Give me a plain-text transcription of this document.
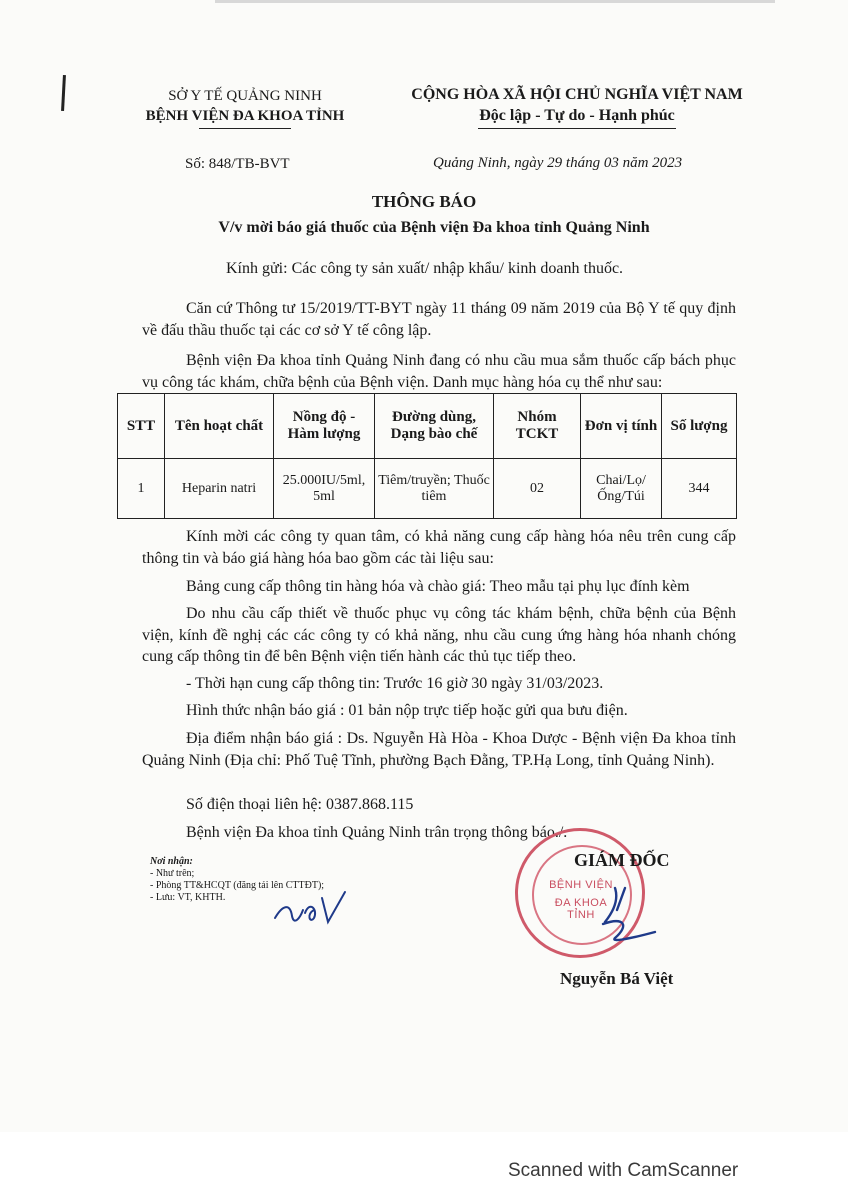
SỞ Y TẾ QUẢNG NINH
BỆNH VIỆN ĐA KHOA TỈNH
CỘNG HÒA XÃ HỘI CHỦ NGHĨA VIỆT NAM
Độc lập - Tự do - Hạnh phúc
Số: 848/TB-BVT	Quảng Ninh, ngày 29 tháng 03 năm 2023
THÔNG BÁO
V/v mời báo giá thuốc của Bệnh viện Đa khoa tỉnh Quảng Ninh
Kính gửi: Các công ty sản xuất/ nhập khẩu/ kinh doanh thuốc.
Căn cứ Thông tư 15/2019/TT-BYT ngày 11 tháng 09 năm 2019 của Bộ Y tế quy định về đấu thầu thuốc tại các cơ sở Y tế công lập.
Bệnh viện Đa khoa tỉnh Quảng Ninh đang có nhu cầu mua sắm thuốc cấp bách phục vụ công tác khám, chữa bệnh của Bệnh viện. Danh mục hàng hóa cụ thể như sau:
STT	Tên hoạt chất	Nồng độ - Hàm lượng	Đường dùng, Dạng bào chế	Nhóm TCKT	Đơn vị tính	Số lượng
1	Heparin natri	25.000IU/5ml, 5ml	Tiêm/truyền; Thuốc tiêm	02	Chai/Lọ/ Ống/Túi	344
Kính mời các công ty quan tâm, có khả năng cung cấp hàng hóa nêu trên cung cấp thông tin và báo giá hàng hóa bao gồm các tài liệu sau:
Bảng cung cấp thông tin hàng hóa và chào giá: Theo mẫu tại phụ lục đính kèm
Do nhu cầu cấp thiết về thuốc phục vụ công tác khám bệnh, chữa bệnh của Bệnh viện, kính đề nghị các các công ty có khả năng, nhu cầu cung ứng hàng hóa nhanh chóng cung cấp thông tin để bên Bệnh viện tiến hành các thủ tục tiếp theo.
- Thời hạn cung cấp thông tin: Trước 16 giờ 30 ngày 31/03/2023.
Hình thức nhận báo giá : 01 bản nộp trực tiếp hoặc gửi qua bưu điện.
Địa điểm nhận báo giá : Ds. Nguyễn Hà Hòa - Khoa Dược - Bệnh viện Đa khoa tỉnh Quảng Ninh (Địa chỉ: Phố Tuệ Tĩnh, phường Bạch Đằng, TP.Hạ Long, tỉnh Quảng Ninh).
Số điện thoại liên hệ: 0387.868.115
Bệnh viện Đa khoa tỉnh Quảng Ninh trân trọng thông báo./.
Nơi nhận:
- Như trên;
- Phòng TT&HCQT (đăng tải lên CTTĐT);
- Lưu: VT, KHTH.
BỆNH VIỆN
ĐA KHOA TỈNH
GIÁM ĐỐC
Nguyễn Bá Việt
Scanned with CamScanner
